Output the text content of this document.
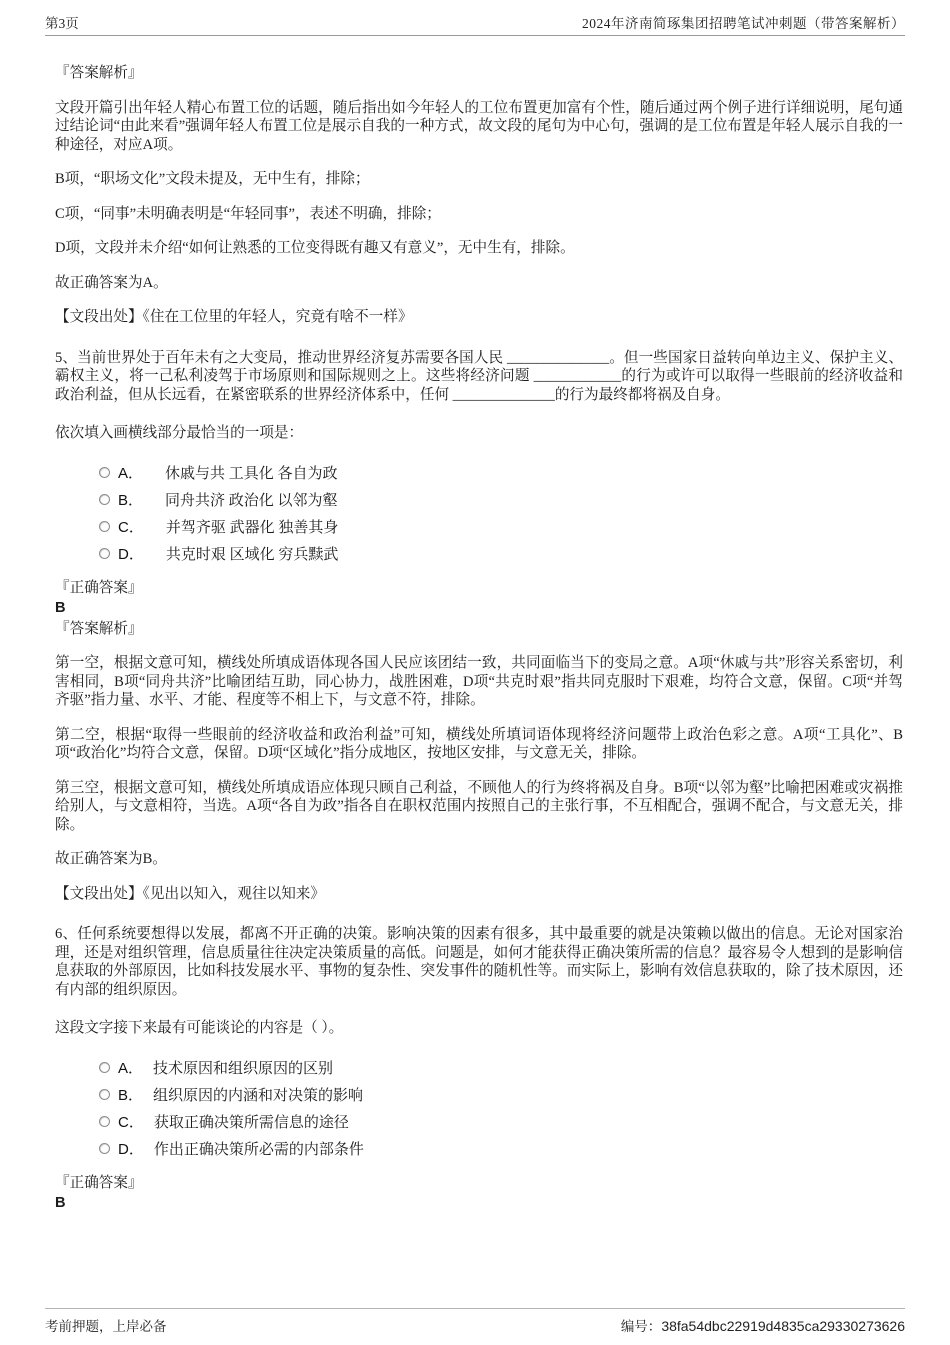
第3页	2024年济南简琢集团招聘笔试冲刺题（带答案解析）

『答案解析』

文段开篇引出年轻人精心布置工位的话题，随后指出如今年轻人的工位布置更加富有个性，随后通过两个例子进行详细说明，尾句通过结论词“由此来看”强调年轻人布置工位是展示自我的一种方式，故文段的尾句为中心句，强调的是工位布置是年轻人展示自我的一种途径，对应A项。

B项，“职场文化”文段未提及，无中生有，排除；

C项，“同事”未明确表明是“年轻同事”，表述不明确，排除；

D项，文段并未介绍“如何让熟悉的工位变得既有趣又有意义”，无中生有，排除。

故正确答案为A。

【文段出处】《住在工位里的年轻人，究竟有啥不一样》

5、当前世界处于百年未有之大变局，推动世界经济复苏需要各国人民 ______________。但一些国家日益转向单边主义、保护主义、霸权主义，将一己私利凌驾于市场原则和国际规则之上。这些将经济问题 ____________的行为或许可以取得一些眼前的经济收益和政治利益，但从长远看，在紧密联系的世界经济体系中，任何 ______________的行为最终都将祸及自身。

依次填入画横线部分最恰当的一项是：

A． 休戚与共 工具化 各自为政
B． 同舟共济 政治化 以邻为壑
C． 并驾齐驱 武器化 独善其身
D． 共克时艰 区域化 穷兵黩武

『正确答案』

B

『答案解析』

第一空，根据文意可知，横线处所填成语体现各国人民应该团结一致，共同面临当下的变局之意。A项“休戚与共”形容关系密切，利害相同，B项“同舟共济”比喻团结互助，同心协力，战胜困难，D项“共克时艰”指共同克服时下艰难，均符合文意，保留。C项“并驾齐驱”指力量、水平、才能、程度等不相上下，与文意不符，排除。

第二空，根据“取得一些眼前的经济收益和政治利益”可知，横线处所填词语体现将经济问题带上政治色彩之意。A项“工具化”、B项“政治化”均符合文意，保留。D项“区域化”指分成地区，按地区安排，与文意无关，排除。

第三空，根据文意可知，横线处所填成语应体现只顾自己利益，不顾他人的行为终将祸及自身。B项“以邻为壑”比喻把困难或灾祸推给别人，与文意相符，当选。A项“各自为政”指各自在职权范围内按照自己的主张行事，不互相配合，强调不配合，与文意无关，排除。

故正确答案为B。

【文段出处】《见出以知入，观往以知来》

6、任何系统要想得以发展，都离不开正确的决策。影响决策的因素有很多，其中最重要的就是决策赖以做出的信息。无论对国家治理，还是对组织管理，信息质量往往决定决策质量的高低。问题是，如何才能获得正确决策所需的信息？最容易令人想到的是影响信息获取的外部原因，比如科技发展水平、事物的复杂性、突发事件的随机性等。而实际上，影响有效信息获取的，除了技术原因，还有内部的组织原因。

这段文字接下来最有可能谈论的内容是（ ）。

A． 技术原因和组织原因的区别
B． 组织原因的内涵和对决策的影响
C． 获取正确决策所需信息的途径
D． 作出正确决策所必需的内部条件

『正确答案』

B

考前押题，上岸必备	编号：38fa54dbc22919d4835ca29330273626
